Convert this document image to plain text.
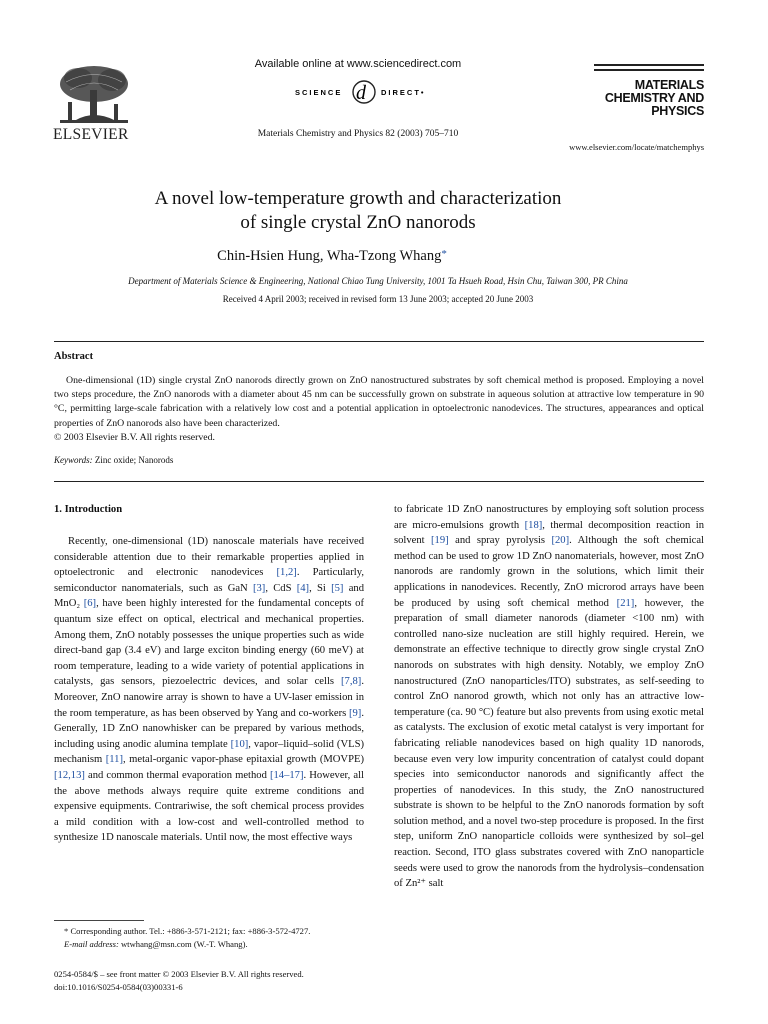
ELSEVIER
Available online at www.sciencedirect.com
SCIENCE d DIRECT•
Materials Chemistry and Physics 82 (2003) 705–710
MATERIALS
CHEMISTRY AND
PHYSICS
www.elsevier.com/locate/matchemphys
A novel low-temperature growth and characterization
of single crystal ZnO nanorods
Chin-Hsien Hung, Wha-Tzong Whang*
Department of Materials Science & Engineering, National Chiao Tung University, 1001 Ta Hsueh Road, Hsin Chu, Taiwan 300, PR China
Received 4 April 2003; received in revised form 13 June 2003; accepted 20 June 2003
Abstract

One-dimensional (1D) single crystal ZnO nanorods directly grown on ZnO nanostructured substrates by soft chemical method is proposed. Employing a novel two steps procedure, the ZnO nanorods with a diameter about 45 nm can be successfully grown on substrate in aqueous solution at attractive low temperature in 90 °C, permitting large-scale fabrication with a relatively low cost and a potential application in optoelectronic nanodevices. The structures, appearances and optical properties of ZnO nanorods also have been characterized.

© 2003 Elsevier B.V. All rights reserved.

Keywords: Zinc oxide; Nanorods
1. Introduction

Recently, one-dimensional (1D) nanoscale materials have received considerable attention due to their remarkable properties applied in optoelectronic and electronic nanodevices [1,2]. Particularly, semiconductor nanomaterials, such as GaN [3], CdS [4], Si [5] and MnO₂ [6], have been highly interested for the fundamental concepts of quantum size effect on optical, electrical and mechanical properties. Among them, ZnO notably possesses the unique properties such as wide direct-band gap (3.4 eV) and large exciton binding energy (60 meV) at room temperature, leading to a wide variety of potential applications in catalysts, gas sensors, piezoelectric devices, and solar cells [7,8]. Moreover, ZnO nanowire array is shown to have a UV-laser emission in the room temperature, as has been observed by Yang and co-workers [9]. Generally, 1D ZnO nanowhisker can be prepared by various methods, including using anodic alumina template [10], vapor–liquid–solid (VLS) mechanism [11], metal-organic vapor-phase epitaxial growth (MOVPE) [12,13] and common thermal evaporation method [14–17]. However, all the above methods always require quite extreme conditions and expensive equipments. Contrariwise, the soft chemical process provides a mild condition with a low-cost and well-controlled method to synthesize 1D nanoscale materials. Until now, the most effective ways

to fabricate 1D ZnO nanostructures by employing soft solution process are micro-emulsions growth [18], thermal decomposition reaction in solvent [19] and spray pyrolysis [20]. Although the soft chemical method can be used to grow 1D ZnO nanomaterials, however, most ZnO nanorods are randomly grown in the solutions, which limit their applications in nanodevices. Recently, ZnO microrod arrays have been be produced by using soft chemical method [21], however, the preparation of small diameter nanorods (diameter <100 nm) with controlled nano-size nucleation are still highly required. Herein, we demonstrate an effective technique to directly grow single crystal ZnO nanorods on substrates with high density. Notably, we employ ZnO nanostructured (ZnO nanoparticles/ITO) substrates, as self-seeding to control ZnO nanorod growth, which not only has an attractive low-temperature (ca. 90 °C) feature but also prevents from using exotic metal as catalysts. The exclusion of exotic metal catalyst is very important for fabricating reliable nanodevices based on high quality 1D nanorods, because even very low impurity concentration of catalyst could dopant species into semiconductor nanorods and significantly affect the properties of nanodevices. In this study, the ZnO nanostructured substrate is shown to be helpful to the ZnO nanorods formation by soft solution method, and a novel two-step procedure is proposed. In the first step, uniform ZnO nanoparticle colloids were synthesized by sol–gel reaction. Second, ITO glass substrates covered with ZnO nanoparticle seeds were used to grow the nanorods from the hydrolysis–condensation of Zn²⁺ salt

* Corresponding author. Tel.: +886-3-571-2121; fax: +886-3-572-4727.
E-mail address: wtwhang@msn.com (W.-T. Whang).
0254-0584/$ – see front matter © 2003 Elsevier B.V. All rights reserved.
doi:10.1016/S0254-0584(03)00331-6
